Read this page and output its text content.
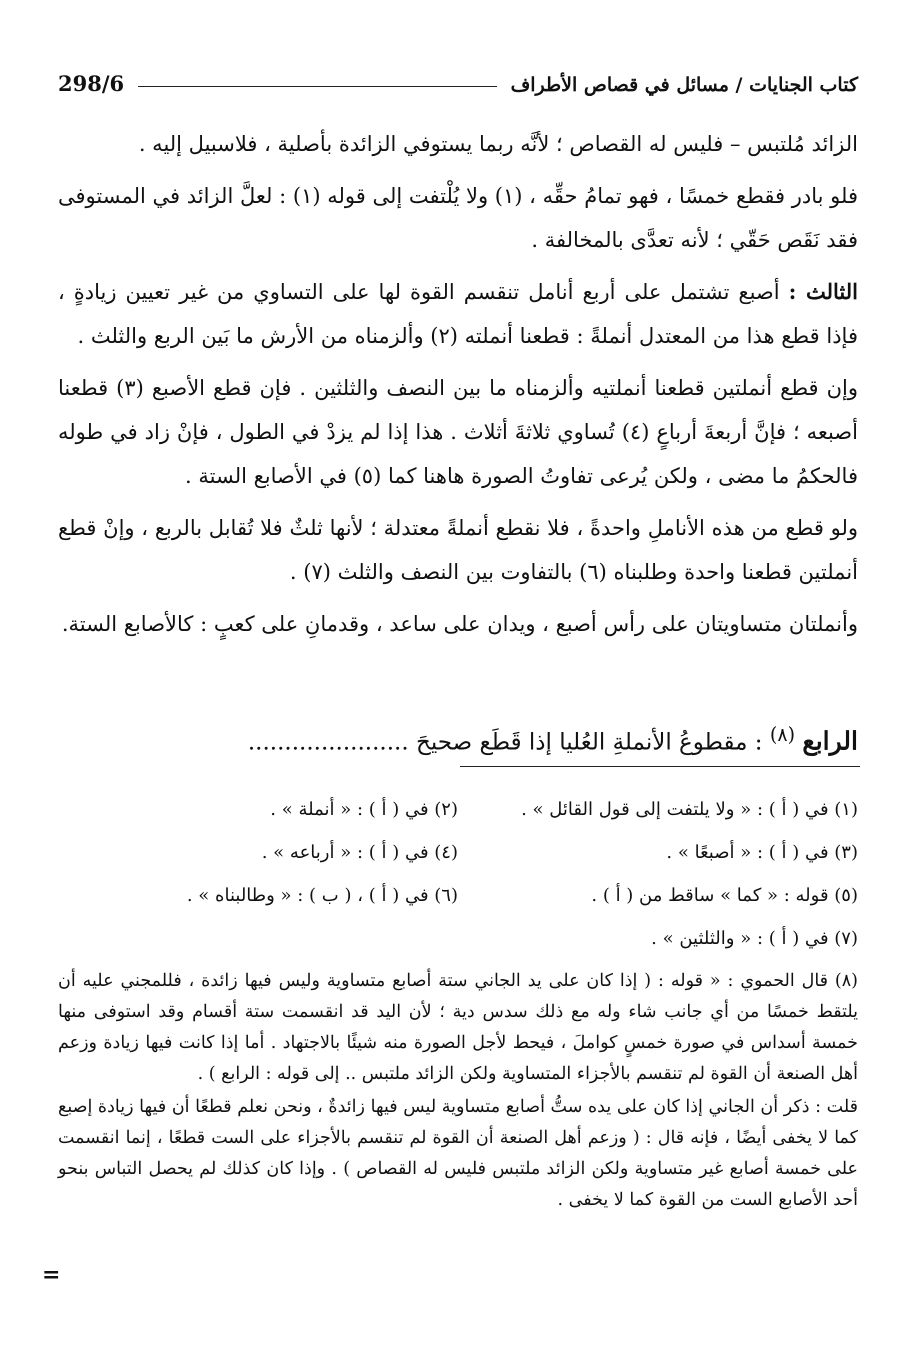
298/6	كتاب الجنايات / مسائل في قصاص الأطراف

الزائد مُلتبس – فليس له القصاص ؛ لأنَّه ربما يستوفي الزائدة بأصلية ، فلاسبيل إليه .

فلو بادر فقطع خمسًا ، فهو تمامُ حقِّه ، (١) ولا يُلْتفت إلى قوله (١) : لعلَّ الزائد في المستوفى فقد نَقَص حَقّي ؛ لأنه تعدَّى بالمخالفة .

الثالث : أصبع تشتمل على أربع أنامل تنقسم القوة لها على التساوي من غير تعيين زيادةٍ ، فإذا قطع هذا من المعتدل أنملةً : قطعنا أنملته (٢) وألزمناه من الأرش ما بَين الربع والثلث .

وإن قطع أنملتين قطعنا أنملتيه وألزمناه ما بين النصف والثلثين . فإن قطع الأصبع (٣) قطعنا أصبعه ؛ فإنَّ أربعةَ أرباعٍ (٤) تُساوي ثلاثةَ أثلاث . هذا إذا لم يزدْ في الطول ، فإنْ زاد في طوله فالحكمُ ما مضى ، ولكن يُرعى تفاوتُ الصورة هاهنا كما (٥) في الأصابع الستة .

ولو قطع من هذه الأناملِ واحدةً ، فلا نقطع أنملةً معتدلة ؛ لأنها ثلثٌ فلا تُقابل بالربع ، وإنْ قطع أنملتين قطعنا واحدة وطلبناه (٦) بالتفاوت بين النصف والثلث (٧) .

وأنملتان متساويتان على رأس أصبع ، ويدان على ساعد ، وقدمانِ على كعبٍ : كالأصابع الستة.

الرابع $^{(٨)}$ : مقطوعُ الأنملةِ العُليا إذا قَطَع صحيحَ ......................
(١) في ( أ ) : « ولا يلتفت إلى قول القائل » .
(٢) في ( أ ) : « أنملة » .
(٣) في ( أ ) : « أصبعًا » .
(٤) في ( أ ) : « أرباعه » .
(٥) قوله : « كما » ساقط من ( أ ) .
(٦) في ( أ ) ، ( ب ) : « وطالبناه » .
(٧) في ( أ ) : « والثلثين » .

(٨) قال الحموي : « قوله : ( إذا كان على يد الجاني ستة أصابع متساوية وليس فيها زائدة ، فللمجني عليه أن يلتقط خمسًا من أي جانب شاء وله مع ذلك سدس دية ؛ لأن اليد قد انقسمت ستة أقسام وقد استوفى منها خمسة أسداس في صورة خمسٍ كواملَ ، فيحط لأجل الصورة منه شيئًا بالاجتهاد . أما إذا كانت فيها زيادة وزعم أهل الصنعة أن القوة لم تنقسم بالأجزاء المتساوية ولكن الزائد ملتبس .. إلى قوله : الرابع ) .

قلت : ذكر أن الجاني إذا كان على يده ستُّ أصابع متساوية ليس فيها زائدةٌ ، ونحن نعلم قطعًا أن فيها زيادة إصبع كما لا يخفى أيضًا ، فإنه قال : ( وزعم أهل الصنعة أن القوة لم تنقسم بالأجزاء على الست قطعًا ، إنما انقسمت على خمسة أصابع غير متساوية ولكن الزائد ملتبس فليس له القصاص ) . وإذا كان كذلك لم يحصل التباس بنحو أحد الأصابع الست من القوة كما لا يخفى .

=
